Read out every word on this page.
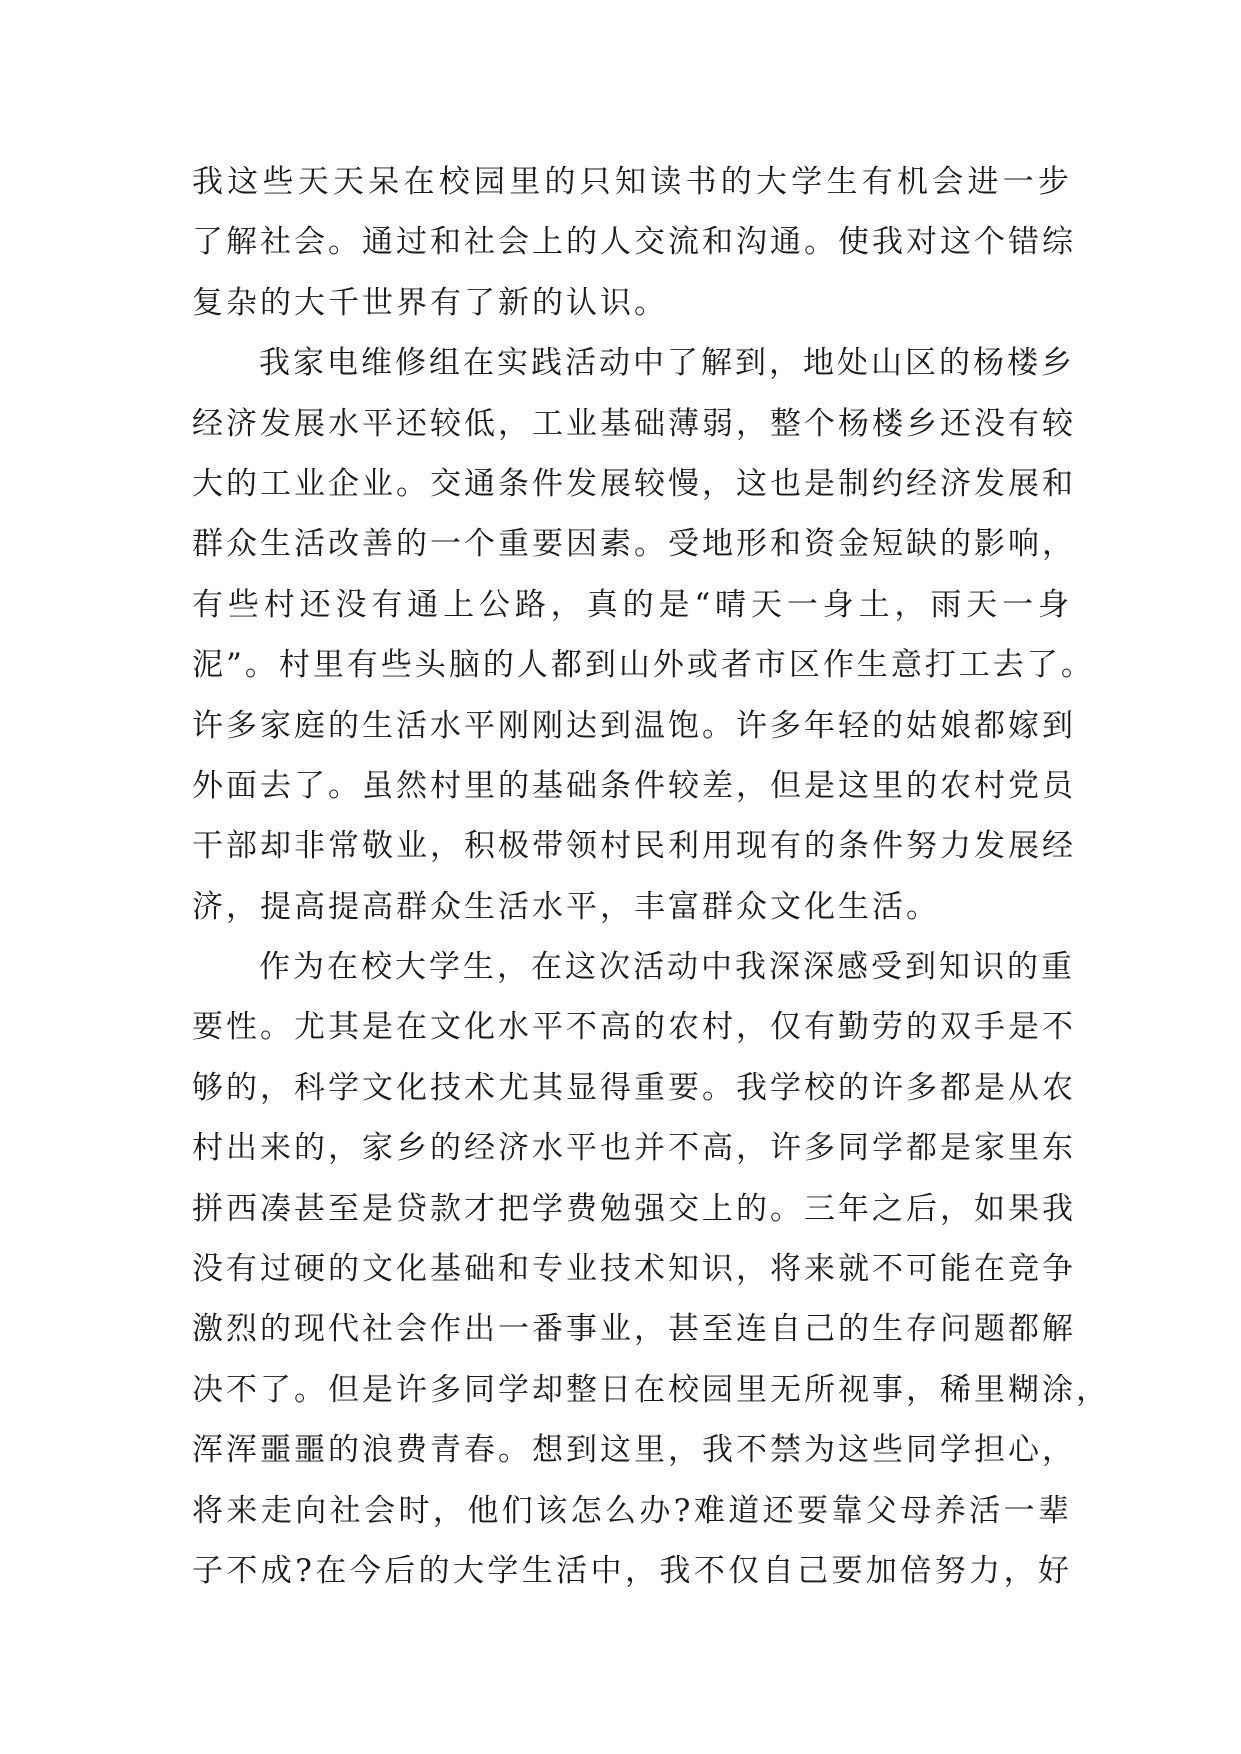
我这些天天呆在校园里的只知读书的大学生有机会进一步
了解社会。通过和社会上的人交流和沟通。使我对这个错综
复杂的大千世界有了新的认识。
我家电维修组在实践活动中了解到，地处山区的杨楼乡
经济发展水平还较低，工业基础薄弱，整个杨楼乡还没有较
大的工业企业。交通条件发展较慢，这也是制约经济发展和
群众生活改善的一个重要因素。受地形和资金短缺的影响，
有些村还没有通上公路，真的是“晴天一身土，雨天一身
泥”。村里有些头脑的人都到山外或者市区作生意打工去了。
许多家庭的生活水平刚刚达到温饱。许多年轻的姑娘都嫁到
外面去了。虽然村里的基础条件较差，但是这里的农村党员
干部却非常敬业，积极带领村民利用现有的条件努力发展经
济，提高提高群众生活水平，丰富群众文化生活。
作为在校大学生，在这次活动中我深深感受到知识的重
要性。尤其是在文化水平不高的农村，仅有勤劳的双手是不
够的，科学文化技术尤其显得重要。我学校的许多都是从农
村出来的，家乡的经济水平也并不高，许多同学都是家里东
拼西凑甚至是贷款才把学费勉强交上的。三年之后，如果我
没有过硬的文化基础和专业技术知识，将来就不可能在竞争
激烈的现代社会作出一番事业，甚至连自己的生存问题都解
决不了。但是许多同学却整日在校园里无所视事，稀里糊涂，
浑浑噩噩的浪费青春。想到这里，我不禁为这些同学担心，
将来走向社会时，他们该怎么办?难道还要靠父母养活一辈
子不成?在今后的大学生活中，我不仅自己要加倍努力，好
